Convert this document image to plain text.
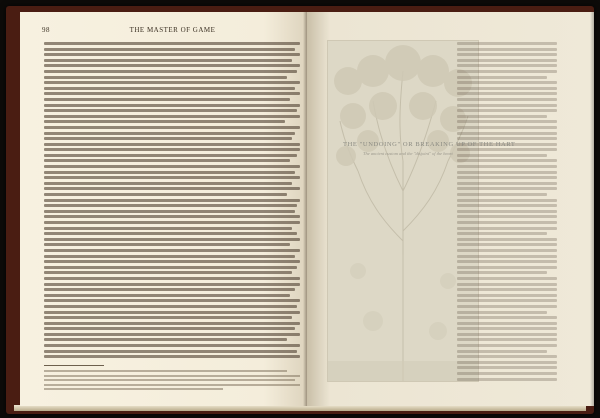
98	THE MASTER OF GAME
THE "UNDOING" OR BREAKING UP OF THE HART
The ancient custom and the "disjoint" of the heart
